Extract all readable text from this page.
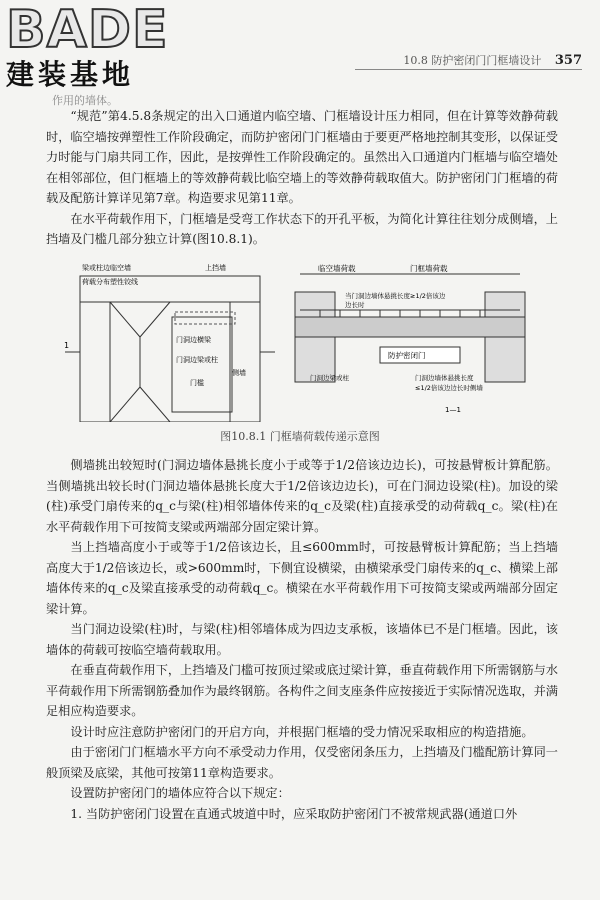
BADE
建装基地	10.8 防护密闭门门框墙设计 357
作用的墙体。

“规范”第4.5.8条规定的出入口通道内临空墙、门框墙设计压力相同，但在计算等效静荷载时，临空墙按弹塑性工作阶段确定，而防护密闭门门框墙由于要更严格地控制其变形，以保证受力时能与门扇共同工作，因此，是按弹性工作阶段确定的。虽然出入口通道内门框墙与临空墙处在相邻部位，但门框墙上的等效静荷载比临空墙上的等效静荷载取值大。防护密闭门门框墙的荷载及配筋计算详见第7章。构造要求见第11章。

在水平荷载作用下，门框墙是受弯工作状态下的开孔平板，为简化计算往往划分成侧墙，上挡墙及门槛几部分独立计算(图10.8.1)。

1
梁或柱边临空墙
荷载分布塑性铰线
上挡墙
门洞边横梁
门洞边梁或柱
门槛
侧墙
临空墙荷载	门框墙荷载
当门洞边墙体悬挑长度≥1/2倍该边
边长时
防护密闭门
门洞边梁或柱	门洞边墙体悬挑长度
≤1/2倍该边边长时侧墙
1—1
图10.8.1 门框墙荷载传递示意图

侧墙挑出较短时(门洞边墙体悬挑长度小于或等于1/2倍该边边长)，可按悬臂板计算配筋。当侧墙挑出较长时(门洞边墙体悬挑长度大于1/2倍该边边长)，可在门洞边设梁(柱)。加设的梁(柱)承受门扇传来的q_c与梁(柱)相邻墙体传来的q_c及梁(柱)直接承受的动荷载q_c。梁(柱)在水平荷载作用下可按简支梁或两端部分固定梁计算。

当上挡墙高度小于或等于1/2倍该边长，且≤600mm时，可按悬臂板计算配筋；当上挡墙高度大于1/2倍该边长，或>600mm时，下侧宜设横梁，由横梁承受门扇传来的q_c、横梁上部墙体传来的q_c及梁直接承受的动荷载q_c。横梁在水平荷载作用下可按简支梁或两端部分固定梁计算。

当门洞边设梁(柱)时，与梁(柱)相邻墙体成为四边支承板，该墙体已不是门框墙。因此，该墙体的荷载可按临空墙荷载取用。

在垂直荷载作用下，上挡墙及门槛可按顶过梁或底过梁计算，垂直荷载作用下所需钢筋与水平荷载作用下所需钢筋叠加作为最终钢筋。各构件之间支座条件应按接近于实际情况选取，并满足相应构造要求。

设计时应注意防护密闭门的开启方向，并根据门框墙的受力情况采取相应的构造措施。

由于密闭门门框墙水平方向不承受动力作用，仅受密闭条压力，上挡墙及门槛配筋计算同一般顶梁及底梁，其他可按第11章构造要求。

设置防护密闭门的墙体应符合以下规定：

1. 当防护密闭门设置在直通式坡道中时，应采取防护密闭门不被常规武器(通道口外
